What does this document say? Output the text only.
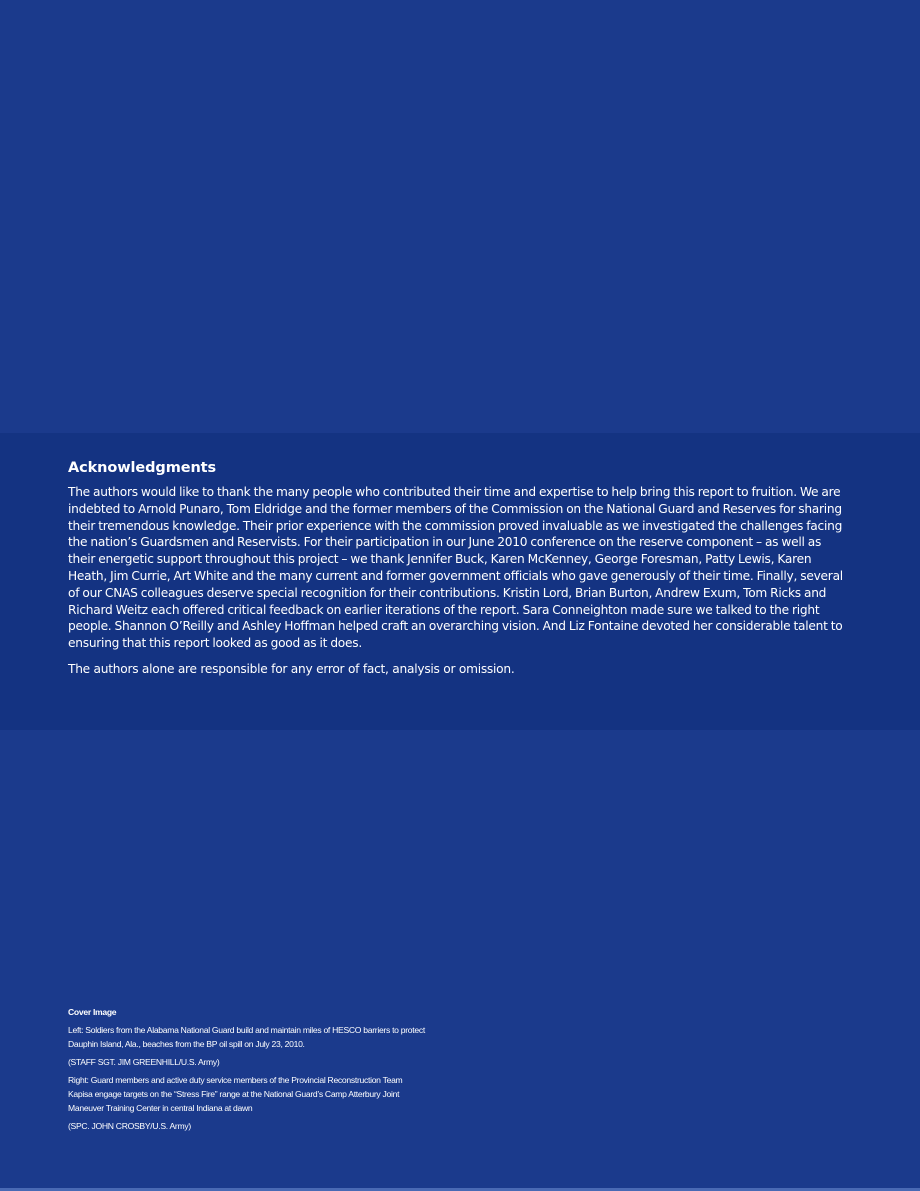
Acknowledgments

The authors would like to thank the many people who contributed their time and expertise to help bring this report to fruition. We are indebted to Arnold Punaro, Tom Eldridge and the former members of the Commission on the National Guard and Reserves for sharing their tremendous knowledge. Their prior experience with the commission proved invaluable as we investigated the challenges facing the nation’s Guardsmen and Reservists. For their participation in our June 2010 conference on the reserve component – as well as their energetic support throughout this project – we thank Jennifer Buck, Karen McKenney, George Foresman, Patty Lewis, Karen Heath, Jim Currie, Art White and the many current and former government officials who gave generously of their time. Finally, several of our CNAS colleagues deserve special recognition for their contributions. Kristin Lord, Brian Burton, Andrew Exum, Tom Ricks and Richard Weitz each offered critical feedback on earlier iterations of the report. Sara Conneighton made sure we talked to the right people. Shannon O’Reilly and Ashley Hoffman helped craft an overarching vision. And Liz Fontaine devoted her considerable talent to ensuring that this report looked as good as it does.

The authors alone are responsible for any error of fact, analysis or omission.

Cover Image

Left: Soldiers from the Alabama National Guard build and maintain miles of HESCO barriers to protect Dauphin Island, Ala., beaches from the BP oil spill on July 23, 2010.

(STAFF SGT. JIM GREENHILL/U.S. Army)

Right: Guard members and active duty service members of the Provincial Reconstruction Team Kapisa engage targets on the “Stress Fire” range at the National Guard’s Camp Atterbury Joint Maneuver Training Center in central Indiana at dawn

(SPC. JOHN CROSBY/U.S. Army)
